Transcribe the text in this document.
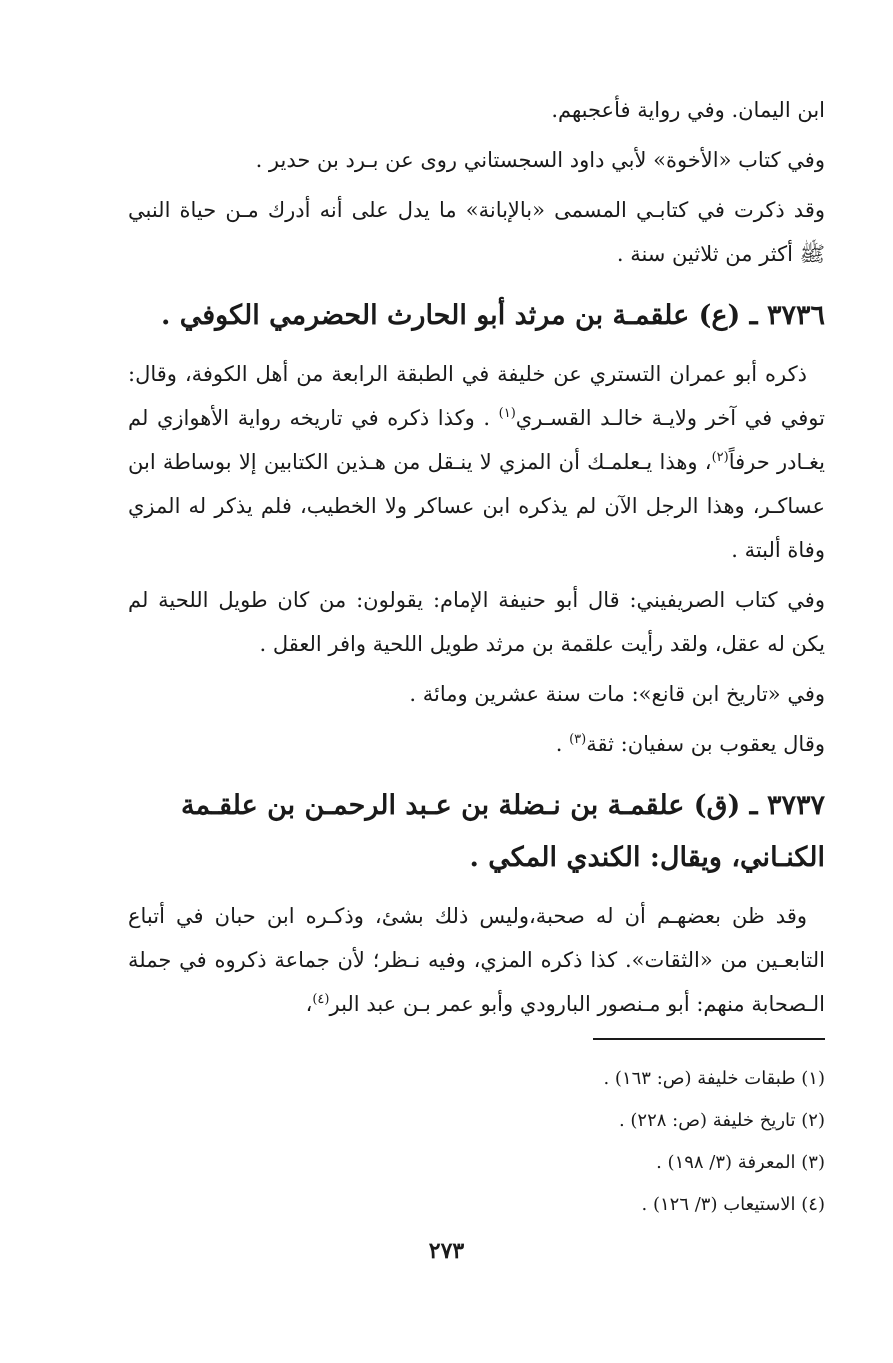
ابن اليمان. وفي رواية فأعجبهم.

وفي كتاب «الأخوة» لأبي داود السجستاني روى عن بـرد بن حدير .

وقد ذكرت في كتابـي المسمى «بالإبانة» ما يدل على أنه أدرك مـن حياة النبي ﷺ أكثر من ثلاثين سنة .

٣٧٣٦ ـ (ع) علقمـة بن مرثد أبو الحارث الحضرمي الكوفي .

ذكره أبو عمران التستري عن خليفة في الطبقة الرابعة من أهل الكوفة، وقال: توفي في آخر ولايـة خالـد القسـري$^{(١)}$ . وكذا ذكره في تاريخه رواية الأهوازي لم يغـادر حرفاً$^{(٢)}$، وهذا يـعلمـك أن المزي لا ينـقل من هـذين الكتابين إلا بوساطة ابن عساكـر، وهذا الرجل الآن لم يذكره ابن عساكر ولا الخطيب، فلم يذكر له المزي وفاة ألبتة .

وفي كتاب الصريفيني: قال أبو حنيفة الإمام: يقولون: من كان طويل اللحية لم يكن له عقل، ولقد رأيت علقمة بن مرثد طويل اللحية وافر العقل .

وفي «تاريخ ابن قانع»: مات سنة عشرين ومائة .

وقال يعقوب بن سفيان: ثقة$^{(٣)}$ .

٣٧٣٧ ـ (ق) علقمـة بن نـضلة بن عـبد الرحمـن بن علقـمة الكنـاني، ويقال: الكندي المكي .

وقد ظن بعضهـم أن له صحبة،وليس ذلك بشئ، وذكـره ابن حبان في أتباع التابعـين من «الثقات». كذا ذكره المزي، وفيه نـظر؛ لأن جماعة ذكروه في جملة الـصحابة منهم: أبو مـنصور البارودي وأبو عمر بـن عبد البر$^{(٤)}$،

(١) طبقات خليفة (ص: ١٦٣) .

(٢) تاريخ خليفة (ص: ٢٢٨) .

(٣) المعرفة (٣/ ١٩٨) .

(٤) الاستيعاب (٣/ ١٢٦) .

٢٧٣
